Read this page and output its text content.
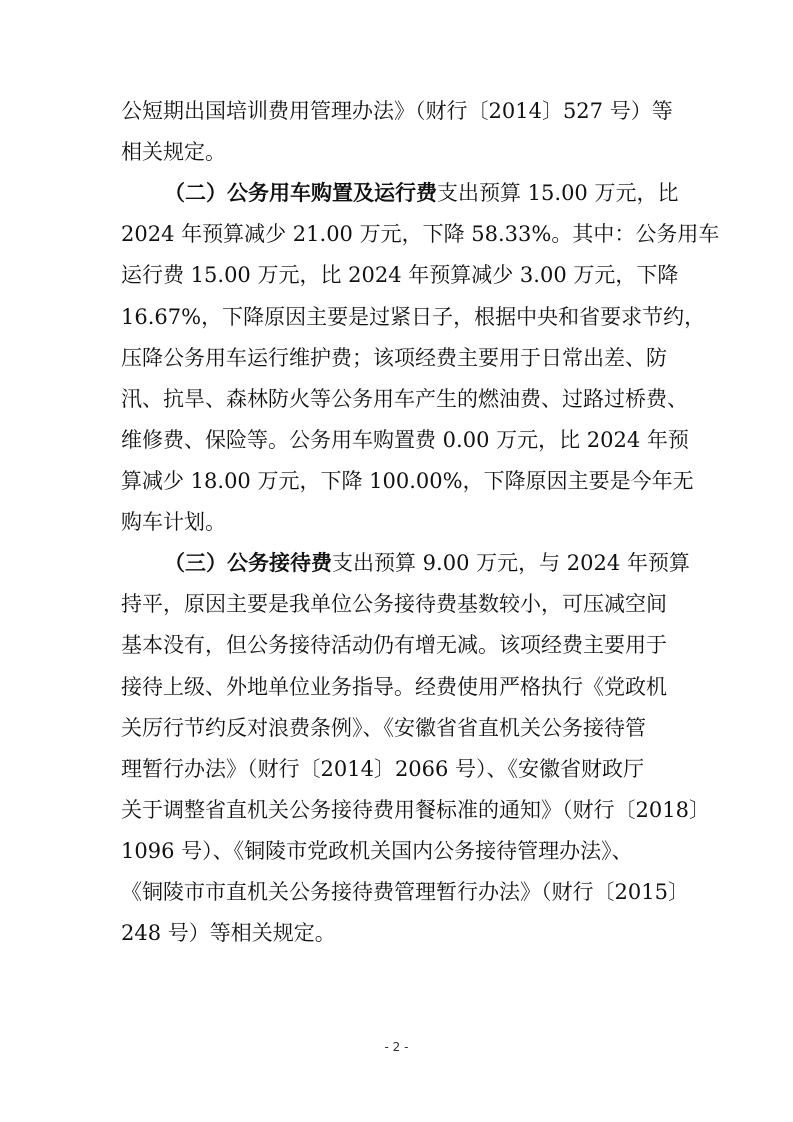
公短期出国培训费用管理办法》（财行〔2014〕527 号）等
相关规定。
（二）公务用车购置及运行费支出预算 15.00 万元，比
2024 年预算减少 21.00 万元，下降 58.33%。其中：公务用车
运行费 15.00 万元，比 2024 年预算减少 3.00 万元，下降
16.67%，下降原因主要是过紧日子，根据中央和省要求节约，
压降公务用车运行维护费；该项经费主要用于日常出差、防
汛、抗旱、森林防火等公务用车产生的燃油费、过路过桥费、
维修费、保险等。公务用车购置费 0.00 万元，比 2024 年预
算减少 18.00 万元，下降 100.00%，下降原因主要是今年无
购车计划。
（三）公务接待费支出预算 9.00 万元，与 2024 年预算
持平，原因主要是我单位公务接待费基数较小，可压减空间
基本没有，但公务接待活动仍有增无减。该项经费主要用于
接待上级、外地单位业务指导。经费使用严格执行《党政机
关厉行节约反对浪费条例》、《安徽省省直机关公务接待管
理暂行办法》（财行〔2014〕2066 号）、《安徽省财政厅
关于调整省直机关公务接待费用餐标准的通知》（财行〔2018〕
1096 号）、《铜陵市党政机关国内公务接待管理办法》、
《铜陵市市直机关公务接待费管理暂行办法》（财行〔2015〕
248 号）等相关规定。
- 2 -
